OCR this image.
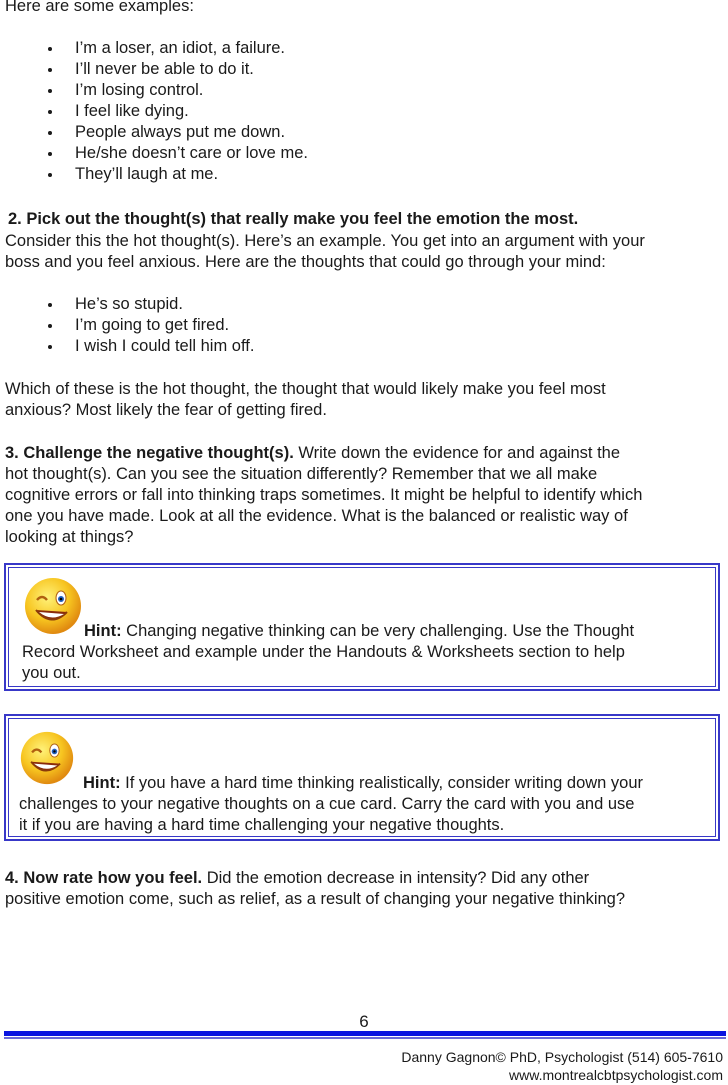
Here are some examples:
I’m a loser, an idiot, a failure.
I’ll never be able to do it.
I’m losing control.
I feel like dying.
People always put me down.
He/she doesn’t care or love me.
They’ll laugh at me.
2. Pick out the thought(s) that really make you feel the emotion the most.
Consider this the hot thought(s). Here’s an example. You get into an argument with your
boss and you feel anxious. Here are the thoughts that could go through your mind:
He’s so stupid.
I’m going to get fired.
I wish I could tell him off.
Which of these is the hot thought, the thought that would likely make you feel most
anxious? Most likely the fear of getting fired.
3. Challenge the negative thought(s). Write down the evidence for and against the
hot thought(s). Can you see the situation differently? Remember that we all make
cognitive errors or fall into thinking traps sometimes. It might be helpful to identify which
one you have made. Look at all the evidence. What is the balanced or realistic way of
looking at things?
Hint: Changing negative thinking can be very challenging. Use the Thought
Record Worksheet and example under the Handouts & Worksheets section to help
you out.
Hint: If you have a hard time thinking realistically, consider writing down your
challenges to your negative thoughts on a cue card. Carry the card with you and use
it if you are having a hard time challenging your negative thoughts.
4. Now rate how you feel. Did the emotion decrease in intensity? Did any other
positive emotion come, such as relief, as a result of changing your negative thinking?
6
Danny Gagnon© PhD, Psychologist (514) 605-7610
www.montrealcbtpsychologist.com
